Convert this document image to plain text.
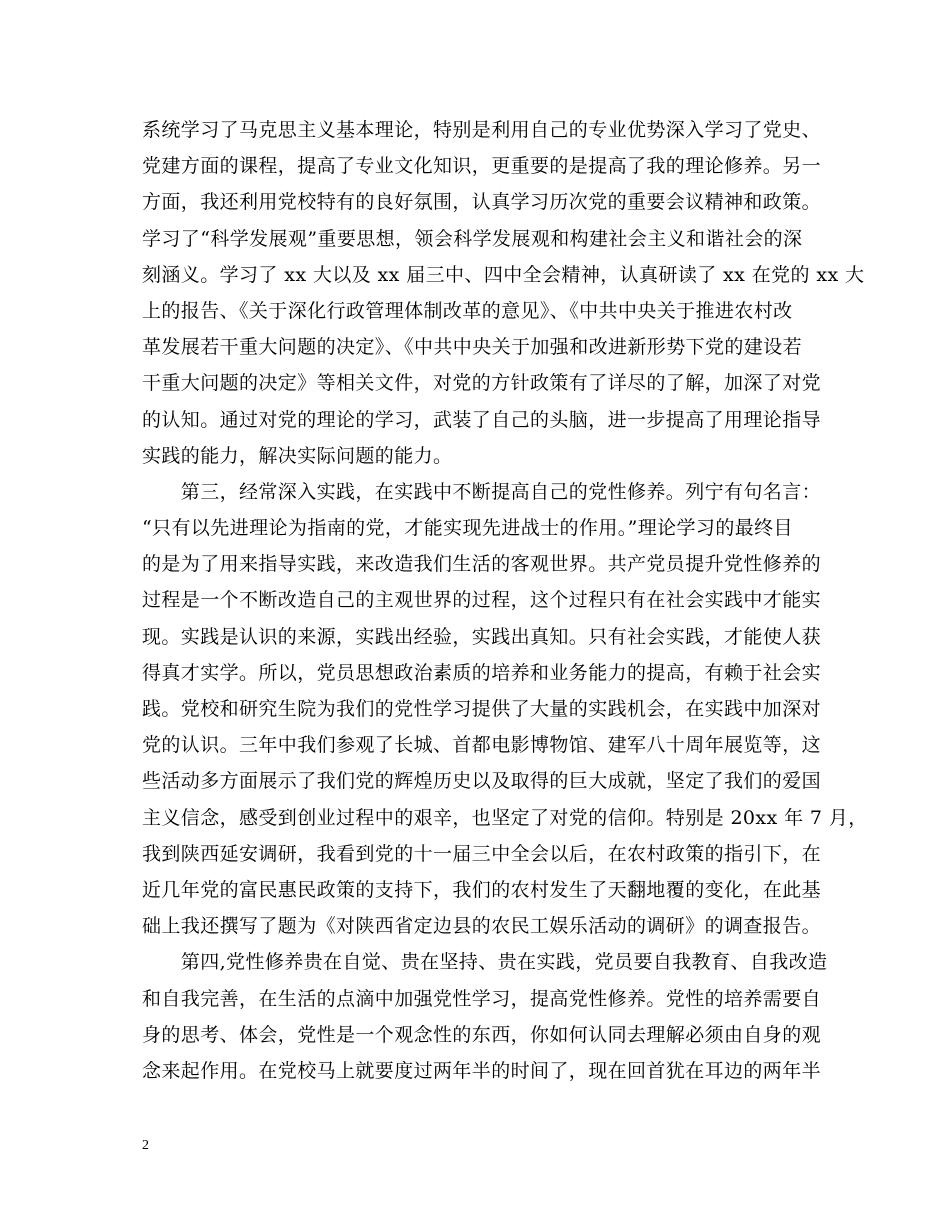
系统学习了马克思主义基本理论，特别是利用自己的专业优势深入学习了党史、
党建方面的课程，提高了专业文化知识，更重要的是提高了我的理论修养。另一
方面，我还利用党校特有的良好氛围，认真学习历次党的重要会议精神和政策。
学习了“科学发展观”重要思想，领会科学发展观和构建社会主义和谐社会的深
刻涵义。学习了 xx 大以及 xx 届三中、四中全会精神，认真研读了 xx 在党的 xx 大
上的报告、《关于深化行政管理体制改革的意见》、《中共中央关于推进农村改
革发展若干重大问题的决定》、《中共中央关于加强和改进新形势下党的建设若
干重大问题的决定》等相关文件，对党的方针政策有了详尽的了解，加深了对党
的认知。通过对党的理论的学习，武装了自己的头脑，进一步提高了用理论指导
实践的能力，解决实际问题的能力。
　　第三，经常深入实践，在实践中不断提高自己的党性修养。列宁有句名言：
“只有以先进理论为指南的党，才能实现先进战士的作用。”理论学习的最终目
的是为了用来指导实践，来改造我们生活的客观世界。共产党员提升党性修养的
过程是一个不断改造自己的主观世界的过程，这个过程只有在社会实践中才能实
现。实践是认识的来源，实践出经验，实践出真知。只有社会实践，才能使人获
得真才实学。所以，党员思想政治素质的培养和业务能力的提高，有赖于社会实
践。党校和研究生院为我们的党性学习提供了大量的实践机会，在实践中加深对
党的认识。三年中我们参观了长城、首都电影博物馆、建军八十周年展览等，这
些活动多方面展示了我们党的辉煌历史以及取得的巨大成就，坚定了我们的爱国
主义信念，感受到创业过程中的艰辛，也坚定了对党的信仰。特别是 20xx 年 7 月，
我到陕西延安调研，我看到党的十一届三中全会以后，在农村政策的指引下，在
近几年党的富民惠民政策的支持下，我们的农村发生了天翻地覆的变化，在此基
础上我还撰写了题为《对陕西省定边县的农民工娱乐活动的调研》的调查报告。
　　第四,党性修养贵在自觉、贵在坚持、贵在实践，党员要自我教育、自我改造
和自我完善，在生活的点滴中加强党性学习，提高党性修养。党性的培养需要自
身的思考、体会，党性是一个观念性的东西，你如何认同去理解必须由自身的观
念来起作用。在党校马上就要度过两年半的时间了，现在回首犹在耳边的两年半
2
